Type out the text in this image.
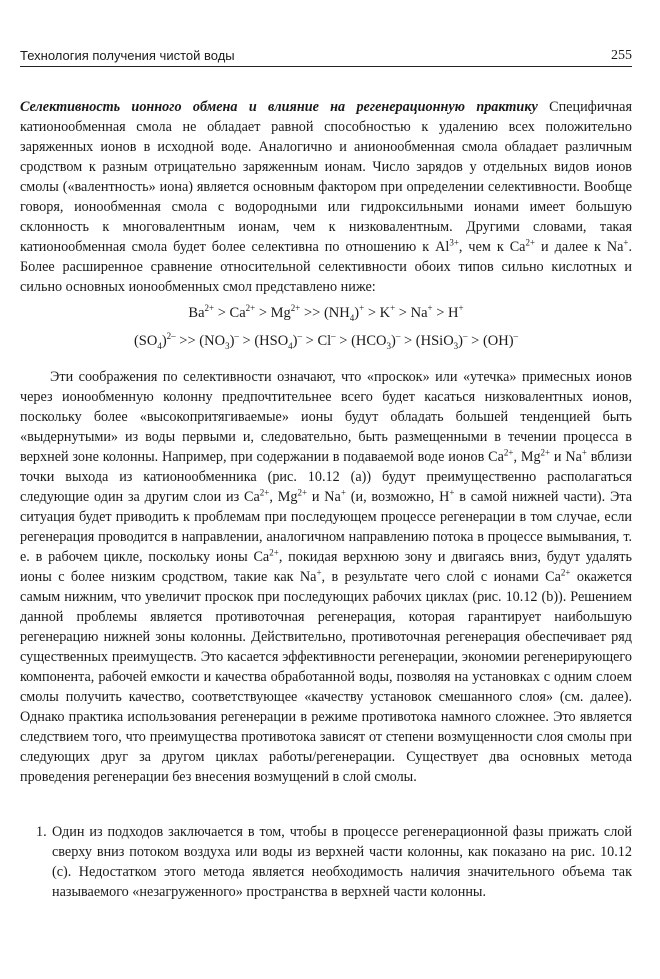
Технология получения чистой воды	255
Селективность ионного обмена и влияние на регенерационную практику Специфичная катионообменная смола не обладает равной способностью к удалению всех положительно заряженных ионов в исходной воде. Аналогично и анионообменная смола обладает различным сродством к разным отрицательно заряженным ионам. Число зарядов у отдельных видов ионов смолы («валентность» иона) является основным фактором при определении селективности. Вообще говоря, ионообменная смола с водородными или гидроксильными ионами имеет большую склонность к многовалентным ионам, чем к низковалентным. Другими словами, такая катионообменная смола будет более селективна по отношению к $Al^{3+}$, чем к $Ca^{2+}$ и далее к Na+. Более расширенное сравнение относительной селективности обоих типов сильно кислотных и сильно основных ионообменных смол представлено ниже:
$Ba^{2+} > Ca^{2+} > Mg^{2+} >> (NH_4)^+ > K^+ > Na^+ > H^+$
$(SO_4)^{2-} >> (NO_3)^- > (HSO_4)^- > Cl^- > (HCO_3)^-$ > (HSiO$_3$)– > (OH)–
Эти соображения по селективности означают, что «проскок» или «утечка» примесных ионов через ионообменную колонну предпочтительнее всего будет касаться низковалентных ионов, поскольку более «высокопритягиваемые» ионы будут обладать большей тенденцией быть «выдернутыми» из воды первыми и, следовательно, быть размещенными в течении процесса в верхней зоне колонны. Например, при содержании в подаваемой воде ионов $Ca^{2+}$, $Mg^{2+}$ и Na+ вблизи точки выхода из катионообменника (рис. 10.12 (а)) будут преимущественно располагаться следующие один за другим слои из $Ca^{2+}$, $Mg^{2+}$ и Na+ (и, возможно, H+ в самой нижней части). Эта ситуация будет приводить к проблемам при последующем процессе регенерации в том случае, если регенерация проводится в направлении, аналогичном направлению потока в процессе вымывания, т. е. в рабочем цикле, поскольку ионы $Ca^{2+}$, покидая верхнюю зону и двигаясь вниз, будут удалять ионы с более низким сродством, такие как Na+, в результате чего слой с ионами $Ca^{2+}$ окажется самым нижним, что увеличит проскок при последующих рабочих циклах (рис. 10.12 (b)). Решением данной проблемы является противоточная регенерация, которая гарантирует наибольшую регенерацию нижней зоны колонны. Действительно, противоточная регенерация обеспечивает ряд существенных преимуществ. Это касается эффективности регенерации, экономии регенерирующего компонента, рабочей емкости и качества обработанной воды, позволяя на установках с одним слоем смолы получить качество, соответствующее «качеству установок смешанного слоя» (см. далее). Однако практика использования регенерации в режиме противотока намного сложнее. Это является следствием того, что преимущества противотока зависят от степени возмущенности слоя смолы при следующих друг за другом циклах работы/регенерации. Существует два основных метода проведения регенерации без внесения возмущений в слой смолы.
1. Один из подходов заключается в том, чтобы в процессе регенерационной фазы прижать слой сверху вниз потоком воздуха или воды из верхней части колонны, как показано на рис. 10.12 (с). Недостатком этого метода является необходимость наличия значительного объема так называемого «незагруженного» пространства в верхней части колонны.
